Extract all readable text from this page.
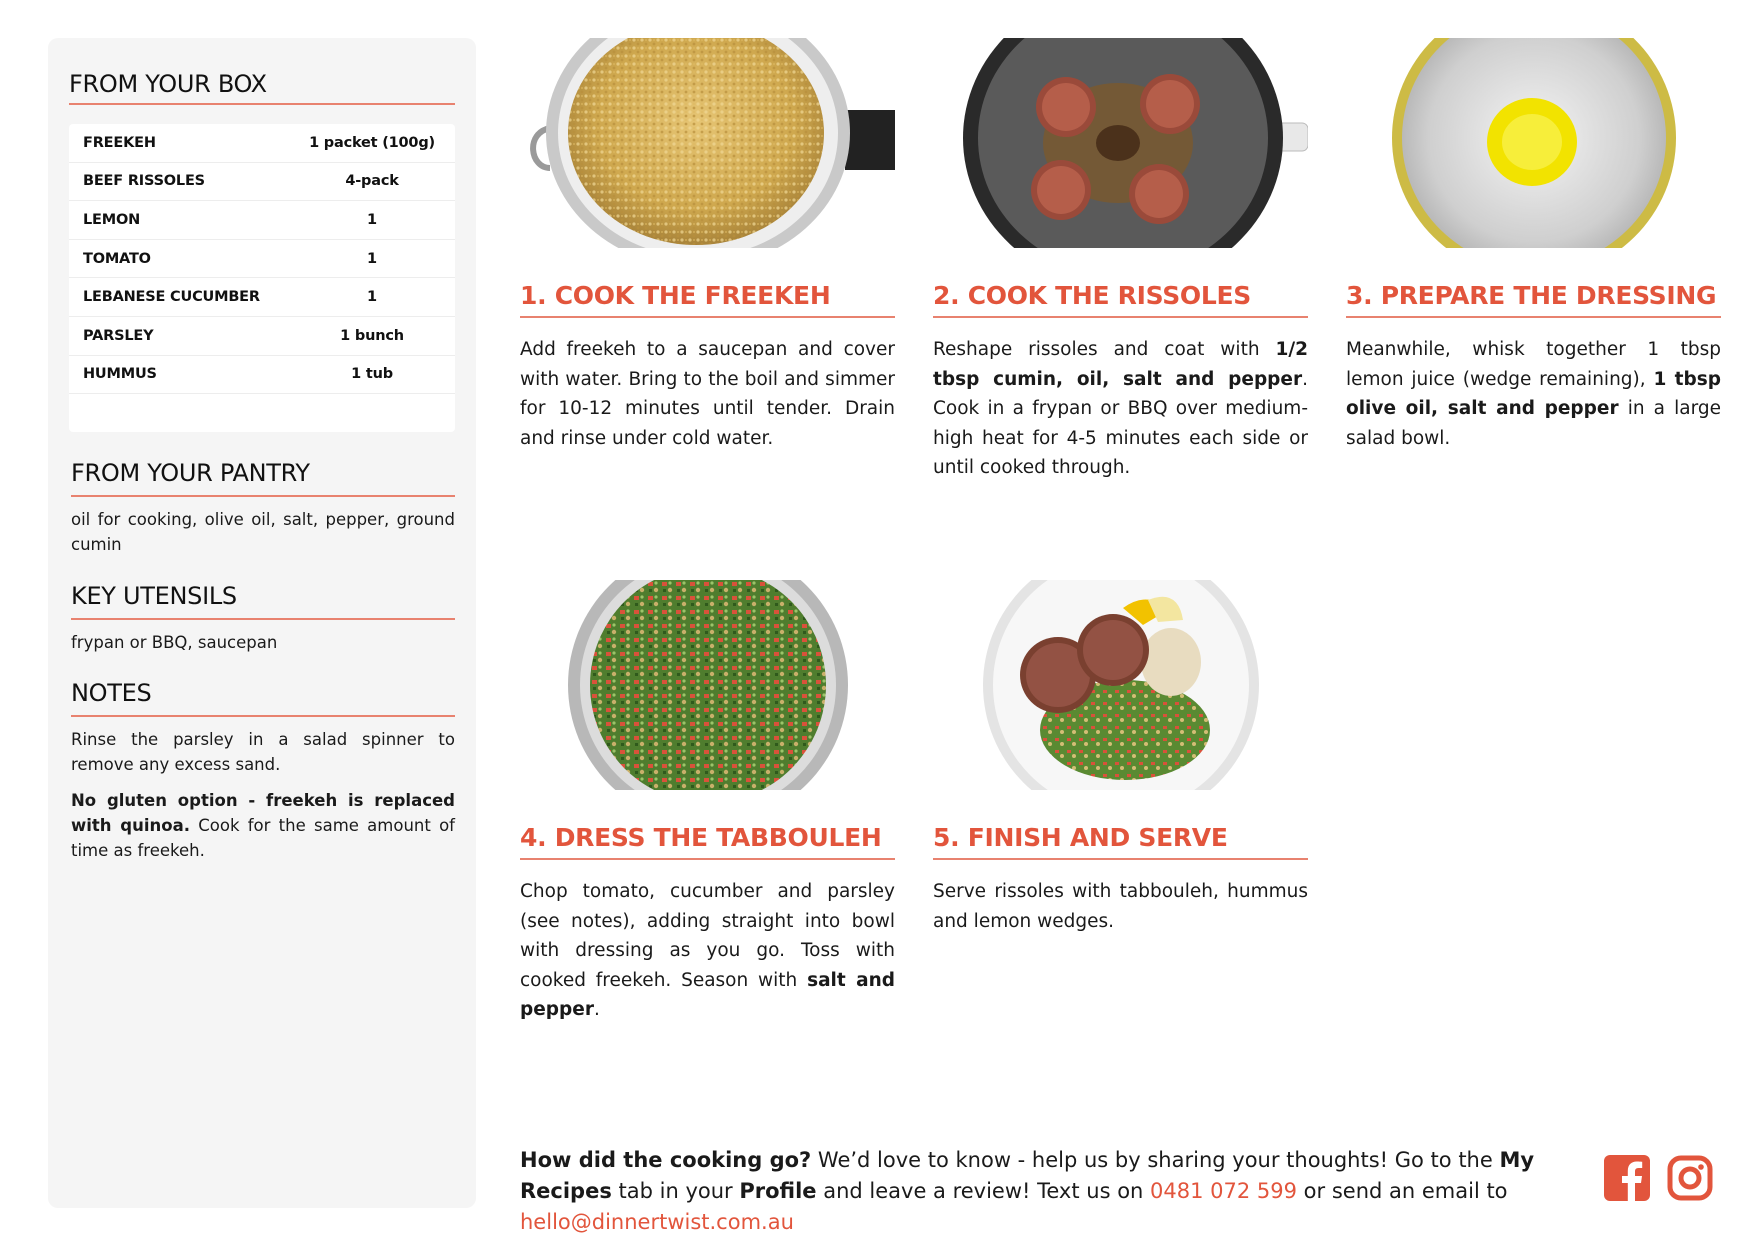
FROM YOUR BOX
FREEKEH	1 packet (100g)
BEEF RISSOLES	4-pack
LEMON	1
TOMATO	1
LEBANESE CUCUMBER	1
PARSLEY	1 bunch
HUMMUS	1 tub
FROM YOUR PANTRY

oil for cooking, olive oil, salt, pepper, ground cumin

KEY UTENSILS

frypan or BBQ, saucepan

NOTES

Rinse the parsley in a salad spinner to remove any excess sand.

No gluten option - freekeh is replaced with quinoa. Cook for the same amount of time as freekeh.

1. COOK THE FREEKEH

Add freekeh to a saucepan and cover with water. Bring to the boil and simmer for 10-12 minutes until tender. Drain and rinse under cold water.

2. COOK THE RISSOLES

Reshape rissoles and coat with 1/2 tbsp cumin, oil, salt and pepper. Cook in a frypan or BBQ over medium-high heat for 4-5 minutes each side or until cooked through.

3. PREPARE THE DRESSING

Meanwhile, whisk together 1 tbsp lemon juice (wedge remaining), 1 tbsp olive oil, salt and pepper in a large salad bowl.

4. DRESS THE TABBOULEH

Chop tomato, cucumber and parsley (see notes), adding straight into bowl with dressing as you go. Toss with cooked freekeh. Season with salt and pepper.

5. FINISH AND SERVE

Serve rissoles with tabbouleh, hummus and lemon wedges.

How did the cooking go? We’d love to know - help us by sharing your thoughts! Go to the My Recipes tab in your Profile and leave a review! Text us on 0481 072 599 or send an email to hello@dinnertwist.com.au
